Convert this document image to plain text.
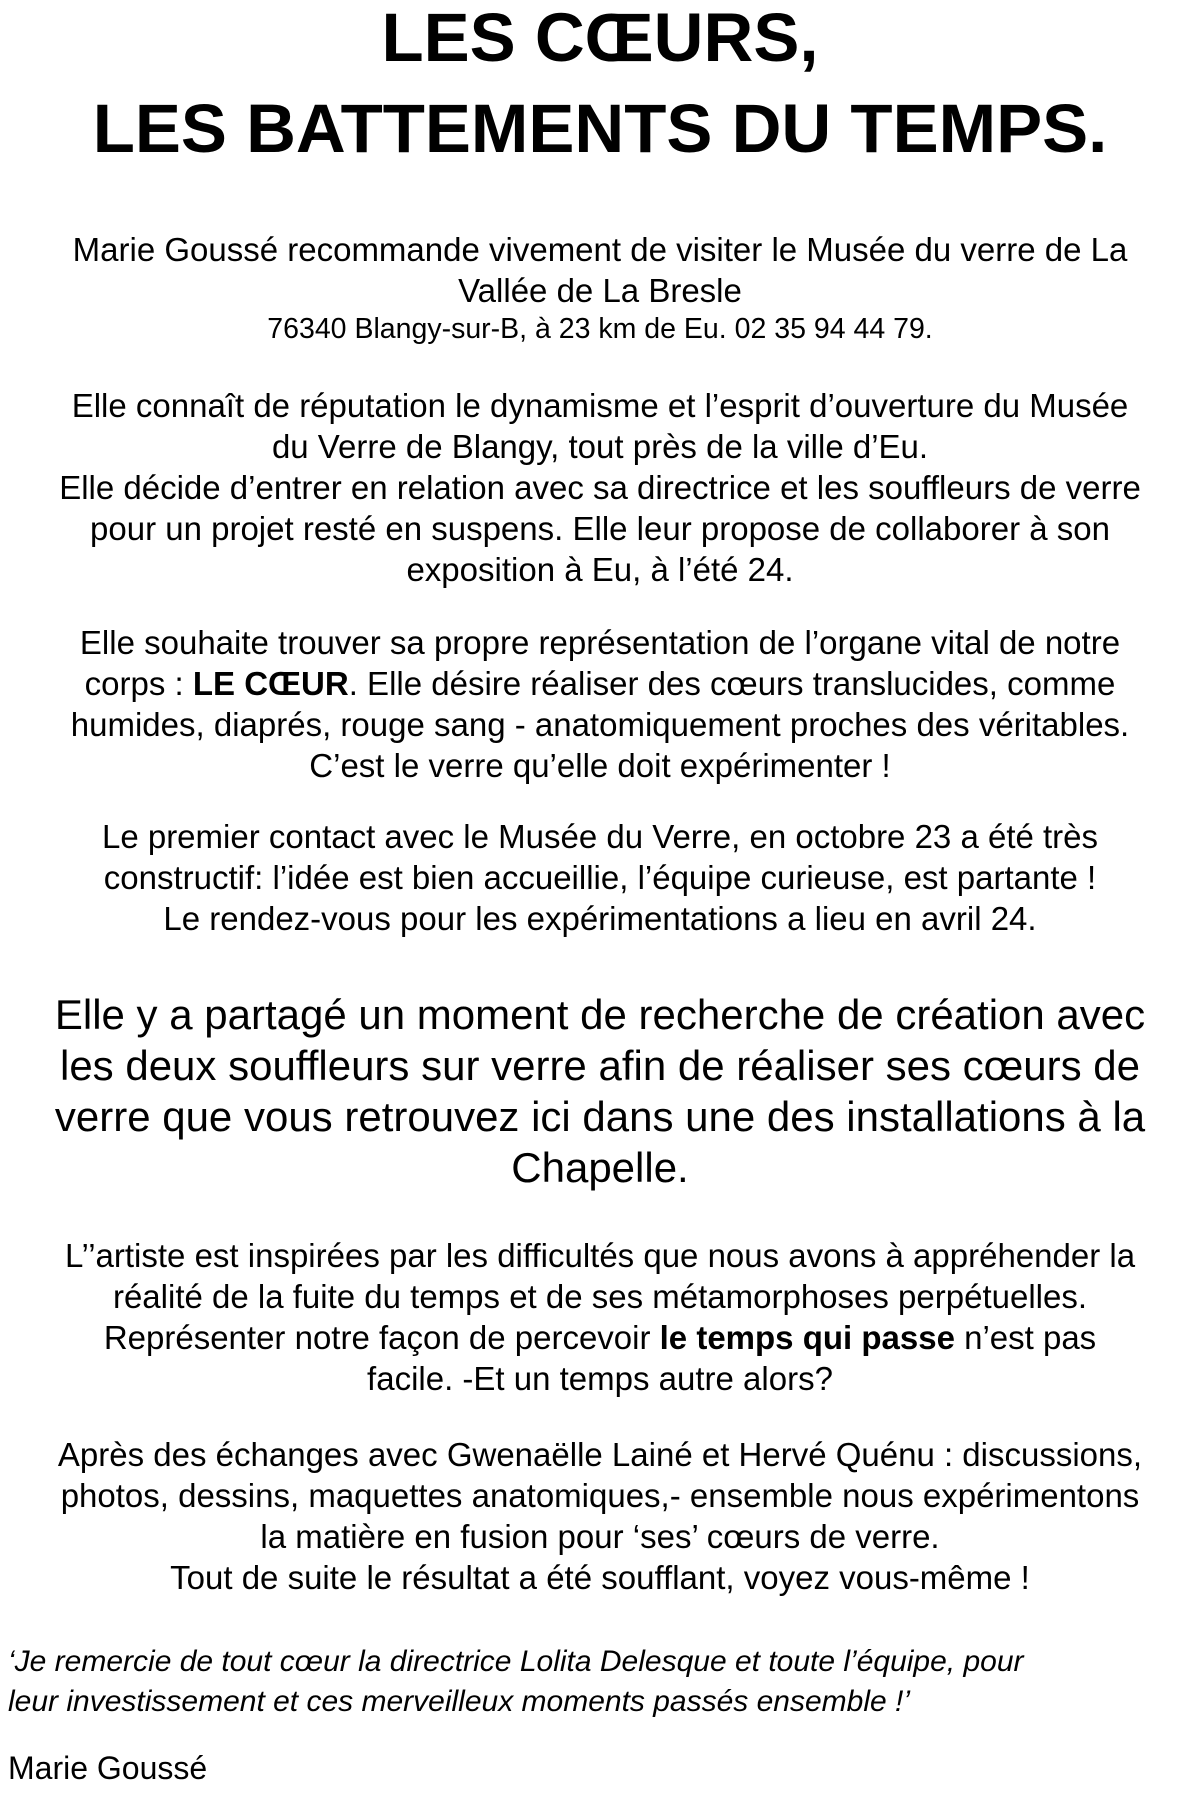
LES CŒURS,
LES BATTEMENTS DU TEMPS.
Marie Goussé recommande vivement de visiter le Musée du verre de La
Vallée de La Bresle
76340 Blangy-sur-B, à 23 km de Eu. 02 35 94 44 79.
Elle connaît de réputation le dynamisme et l’esprit d’ouverture du Musée
du Verre de Blangy, tout près de la ville d’Eu.
Elle décide d’entrer en relation avec sa directrice et les souffleurs de verre
pour un projet resté en suspens. Elle leur propose de collaborer à son
exposition à Eu, à l’été 24.
Elle souhaite trouver sa propre représentation de l’organe vital de notre
corps : LE CŒUR. Elle désire réaliser des cœurs translucides, comme
humides, diaprés, rouge sang - anatomiquement proches des véritables.
C’est le verre qu’elle doit expérimenter !
Le premier contact avec le Musée du Verre, en octobre 23 a été très
constructif: l’idée est bien accueillie, l’équipe curieuse, est partante !
Le rendez-vous pour les expérimentations a lieu en avril 24.
Elle y a partagé un moment de recherche de création avec
les deux souffleurs sur verre afin de réaliser ses cœurs de
verre que vous retrouvez ici dans une des installations à la
Chapelle.
L’’artiste est inspirées par les difficultés que nous avons à appréhender la
réalité de la fuite du temps et de ses métamorphoses perpétuelles.
Représenter notre façon de percevoir le temps qui passe n’est pas
facile. -Et un temps autre alors?
Après des échanges avec Gwenaëlle Lainé et Hervé Quénu : discussions,
photos, dessins, maquettes anatomiques,- ensemble nous expérimentons
la matière en fusion pour ‘ses’ cœurs de verre.
Tout de suite le résultat a été soufflant, voyez vous-même !
‘Je remercie de tout cœur la directrice Lolita Delesque et toute l’équipe, pour
leur investissement et ces merveilleux moments passés ensemble !’
Marie Goussé
